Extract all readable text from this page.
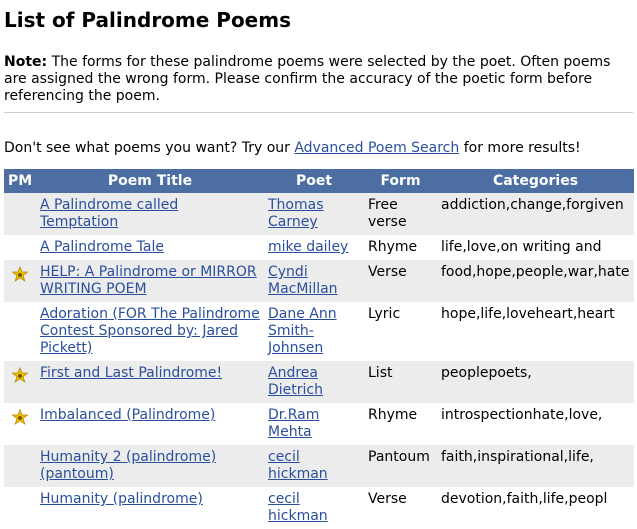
List of Palindrome Poems
Note: The forms for these palindrome poems were selected by the poet. Often poems are assigned the wrong form. Please confirm the accuracy of the poetic form before referencing the poem.
Don't see what poems you want? Try our Advanced Poem Search for more results!
PM	Poem Title	Poet	Form	Categories
	A Palindrome called Temptation	Thomas Carney	Free verse	addiction,change,forgiven
	A Palindrome Tale	mike dailey	Rhyme	life,love,on writing and
	HELP: A Palindrome or MIRROR WRITING POEM	Cyndi MacMillan	Verse	food,hope,people,war,hate
	Adoration (FOR The Palindrome Contest Sponsored by: Jared Pickett)	Dane Ann Smith-Johnsen	Lyric	hope,life,loveheart,heart
	First and Last Palindrome!	Andrea Dietrich	List	peoplepoets,
	Imbalanced (Palindrome)	Dr.Ram Mehta	Rhyme	introspectionhate,love,
	Humanity 2 (palindrome) (pantoum)	cecil hickman	Pantoum	faith,inspirational,life,
	Humanity (palindrome)	cecil hickman	Verse	devotion,faith,life,peopl
